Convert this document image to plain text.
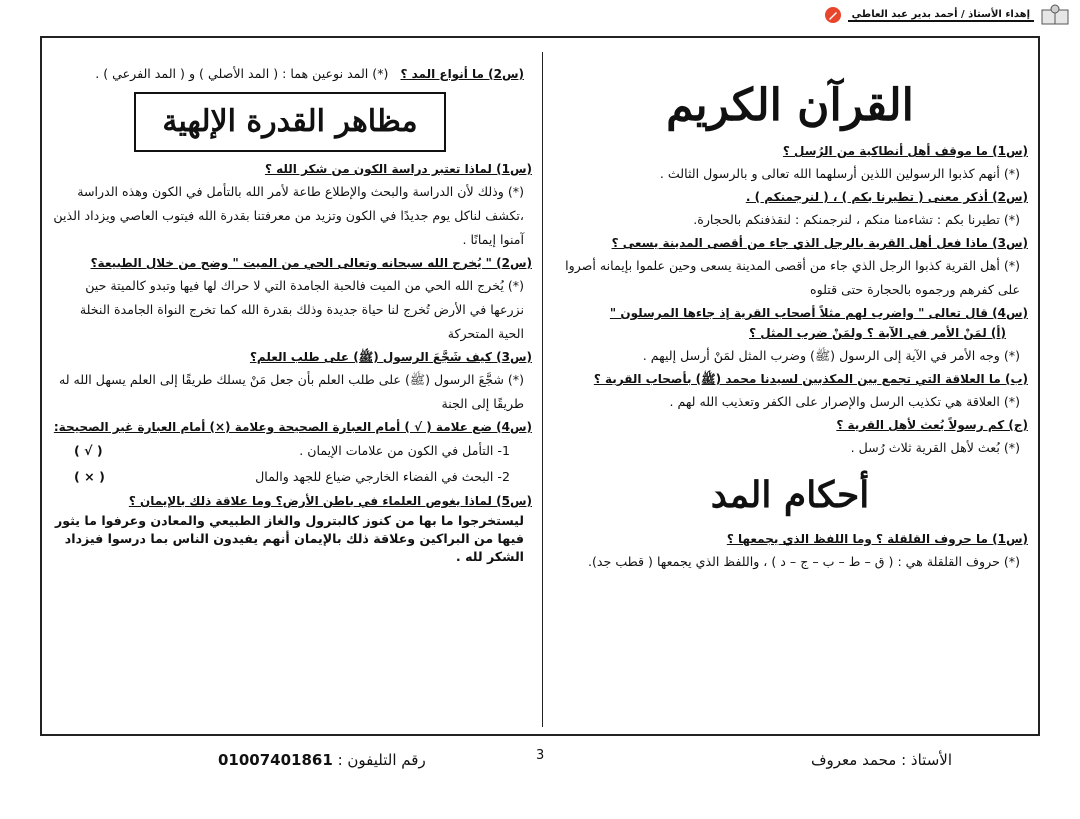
إهداء الأستاذ / أحمد بدير عبد العاطي
القرآن الكريم
(س1) ما موقف أهل أنطاكية من الرُسل ؟
(*) أنهم كذبوا الرسولين اللذين أرسلهما الله تعالى و بالرسول الثالث .
(س2) أذكر معنى ( تطيرنا بكم ) ، ( لنرجمنكم ) .
(*) تطيرنا بكم : تشاءمنا منكم ، لنرجمنكم : لنقذفنكم بالحجارة.
(س3) ماذا فعل أهل القرية بالرجل الذي جاء من أقصى المدينة يسعى ؟
(*) أهل القرية كذبوا الرجل الذي جاء من أقصى المدينة يسعى وحين علموا بإيمانه أصروا على كفرهم ورجموه بالحجارة حتى قتلوه
(س4) قال تعالى " واضرب لهم مثلاً أصحاب القرية إذ جاءها المرسلون "
(أ) لمَنْ الأمر في الآية ؟ ولمَنْ ضرب المثل ؟
(*) وجه الأمر في الآية إلى الرسول (ﷺ) وضرب المثل لمَنْ أرسل إليهم .
(ب) ما العلاقة التي تجمع بين المكذبين لسيدنا محمد (ﷺ) بأصحاب القرية ؟
(*) العلاقة هي تكذيب الرسل والإصرار على الكفر وتعذيب الله لهم .
(ج) كم رسولاً بُعث لأهل القرية ؟
(*) بُعث لأهل القرية ثلاث رُسل .
أحكام المد
(س1) ما حروف القلقلة ؟ وما اللفظ الذي يجمعها ؟
(*) حروف القلقلة هي : ( ق – ط – ب – ج – د ) ، واللفظ الذي يجمعها ( قطب جد).
(س2) ما أنواع المد ؟   (*) المد نوعين هما : ( المد الأصلي ) و ( المد الفرعي ) .
مظاهر القدرة الإلهية
(س1) لماذا تعتبر دراسة الكون من شكر الله ؟
(*) وذلك لأن الدراسة والبحث والإطلاع طاعة لأمر الله بالتأمل في الكون وهذه الدراسة ،تكشف لناكل يوم جديدًا في الكون وتزيد من معرفتنا بقدرة الله فيتوب العاصي ويزداد الذين آمنوا إيمانًا .
(س2) " يُخرج الله سبحانه وتعالى الحي من الميت " وضح من خلال الطبيعة؟
(*) يُخرج الله الحي من الميت فالحبة الجامدة التي لا حراك لها فيها وتبدو كالميتة حين نزرعها في الأرض تُخرج لنا حياة جديدة وذلك بقدرة الله كما تخرج النواة الجامدة النخلة الحية المتحركة
(س3) كيف شَجَّعَ الرسول (ﷺ) على طلب العلم؟
(*) شجَّعَ الرسول (ﷺ) على طلب العلم بأن جعل مَنْ يسلك طريقًا إلى العلم يسهل الله له طريقًا إلى الجنة
(س4) ضع علامة ( √ ) أمام العبارة الصحيحة وعلامة (×) أمام العبارة غير الصحيحة:
1- التأمل في الكون من علامات الإيمان .
( √ )
2- البحث في الفضاء الخارجي ضياع للجهد والمال
( × )
(س5) لماذا يغوص العلماء في باطن الأرض؟ وما علاقة ذلك بالإيمان ؟
ليستخرجوا ما بها من كنوز كالبترول والغاز الطبيعي والمعادن وعرفوا ما يثور فيها من البراكين وعلاقة ذلك بالإيمان أنهم يفيدون الناس بما درسوا فيزداد الشكر لله .
رقم التليفون : 01007401861	3	الأستاذ : محمد معروف
